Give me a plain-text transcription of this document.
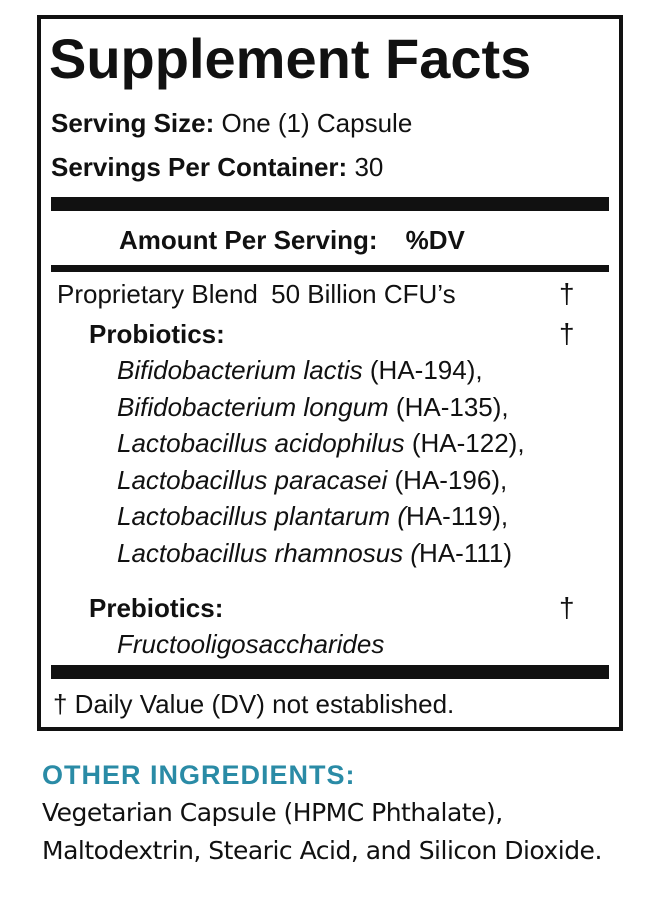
Supplement Facts
Serving Size: One (1) Capsule
Servings Per Container: 30
Amount Per Serving: %DV
Proprietary Blend 50 Billion CFU’s	†
Probiotics:	†
Bifidobacterium lactis (HA-194),
Bifidobacterium longum (HA-135),
Lactobacillus acidophilus (HA-122),
Lactobacillus paracasei (HA-196),
Lactobacillus plantarum (HA-119),
Lactobacillus rhamnosus (HA-111)
Prebiotics:	†
Fructooligosaccharides
† Daily Value (DV) not established.
OTHER INGREDIENTS:
Vegetarian Capsule (HPMC Phthalate),
Maltodextrin, Stearic Acid, and Silicon Dioxide.
